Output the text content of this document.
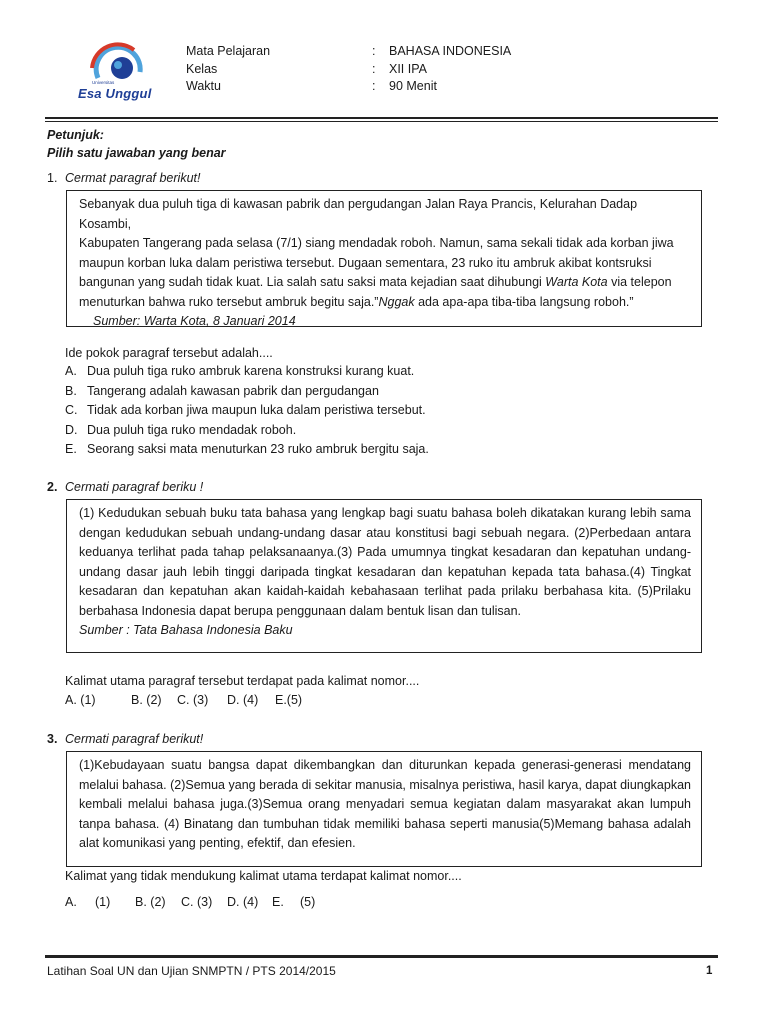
Universitas
Esa Unggul
Mata Pelajaran	: BAHASA INDONESIA
Kelas	: XII IPA
Waktu	: 90 Menit
Petunjuk:
Pilih satu jawaban yang benar
1. Cermat paragraf berikut!

Sebanyak dua puluh tiga di kawasan pabrik dan pergudangan Jalan Raya Prancis, Kelurahan Dadap Kosambi,

Kabupaten Tangerang pada selasa (7/1) siang mendadak roboh. Namun, sama sekali tidak ada korban jiwa

maupun korban luka dalam peristiwa tersebut. Dugaan sementara, 23 ruko itu ambruk akibat kontsruksi

bangunan yang sudah tidak kuat. Lia salah satu saksi mata kejadian saat dihubungi Warta Kota via telepon

menuturkan bahwa ruko tersebut ambruk begitu saja.”Nggak ada apa-apa tiba-tiba langsung roboh.”

Sumber: Warta Kota, 8 Januari 2014

Ide pokok paragraf tersebut adalah....
A. Dua puluh tiga ruko ambruk karena konstruksi kurang kuat.
B. Tangerang adalah kawasan pabrik dan pergudangan
C. Tidak ada korban jiwa maupun luka dalam peristiwa tersebut.
D. Dua puluh tiga ruko mendadak roboh.
E. Seorang saksi mata menuturkan 23 ruko ambruk bergitu saja.
2. Cermati paragraf beriku !

(1) Kedudukan sebuah buku tata bahasa yang lengkap bagi suatu bahasa boleh dikatakan kurang lebih sama dengan kedudukan sebuah undang-undang dasar atau konstitusi bagi sebuah negara. (2)Perbedaan antara keduanya terlihat pada tahap pelaksanaanya.(3) Pada umumnya tingkat kesadaran dan kepatuhan undang-undang dasar jauh lebih tinggi daripada tingkat kesadaran dan kepatuhan kepada tata bahasa.(4) Tingkat kesadaran dan kepatuhan akan kaidah-kaidah kebahasaan terlihat pada prilaku berbahasa kita. (5)Prilaku berbahasa Indonesia dapat berupa penggunaan dalam bentuk lisan dan tulisan.

Sumber : Tata Bahasa Indonesia Baku

Kalimat utama paragraf tersebut terdapat pada kalimat nomor....
A. (1)	B. (2) C. (3) D. (4) E.(5)
3. Cermati paragraf berikut!

(1)Kebudayaan suatu bangsa dapat dikembangkan dan diturunkan kepada generasi-generasi mendatang melalui bahasa. (2)Semua yang berada di sekitar manusia, misalnya peristiwa, hasil karya, dapat diungkapkan kembali melalui bahasa juga.(3)Semua orang menyadari semua kegiatan dalam masyarakat akan lumpuh tanpa bahasa. (4) Binatang dan tumbuhan tidak memiliki bahasa seperti manusia(5)Memang bahasa adalah alat komunikasi yang penting, efektif, dan efesien.

Kalimat yang tidak mendukung kalimat utama terdapat kalimat nomor....
A. (1) B. (2) C. (3) D. (4) E. (5)
Latihan Soal UN dan Ujian SNMPTN / PTS 2014/2015	1
